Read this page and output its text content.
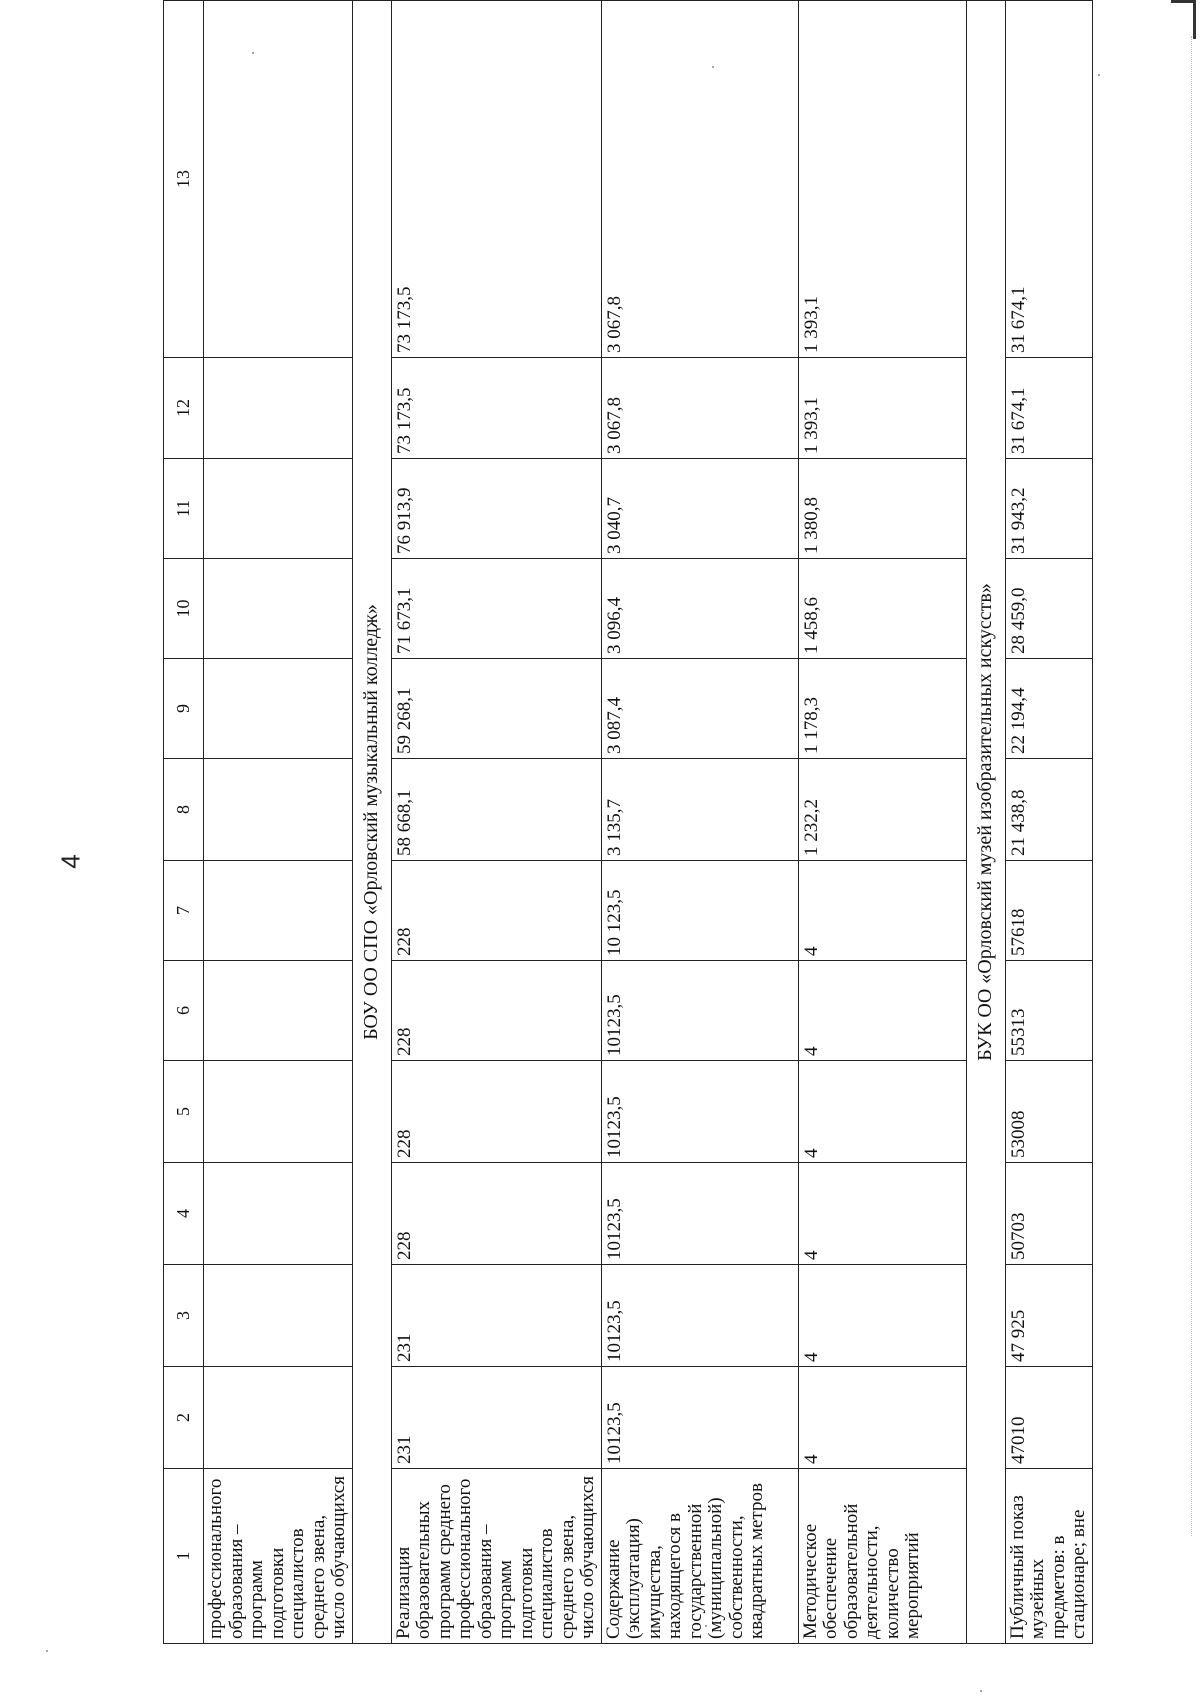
4
1	2	3	4	5	6	7	8	9	10	11	12	13
профессионального образования – программ подготовки специалистов среднего звена, число обучающихся												
БОУ ОО СПО «Орловский музыкальный колледж»												
Реализация образовательных программ среднего профессионального образования – программ подготовки специалистов среднего звена, число обучающихся	231	231	228	228	228	228	58 668,1	59 268,1	71 673,1	76 913,9	73 173,5	73 173,5
Содержание (эксплуатация) имущества, находящегося в государственной (муниципальной) собственности, квадратных метров	10123,5	10123,5	10123,5	10123,5	10123,5	10 123,5	3 135,7	3 087,4	3 096,4	3 040,7	3 067,8	3 067,8
Методическое обеспечение образовательной деятельности, количество мероприятий	4	4	4	4	4	4	1 232,2	1 178,3	1 458,6	1 380,8	1 393,1	1 393,1
БУК ОО «Орловский музей изобразительных искусств»												
Публичный показ музейных предметов: в стационаре; вне	47010	47 925	50703	53008	55313	57618	21 438,8	22 194,4	28 459,0	31 943,2	31 674,1	31 674,1
